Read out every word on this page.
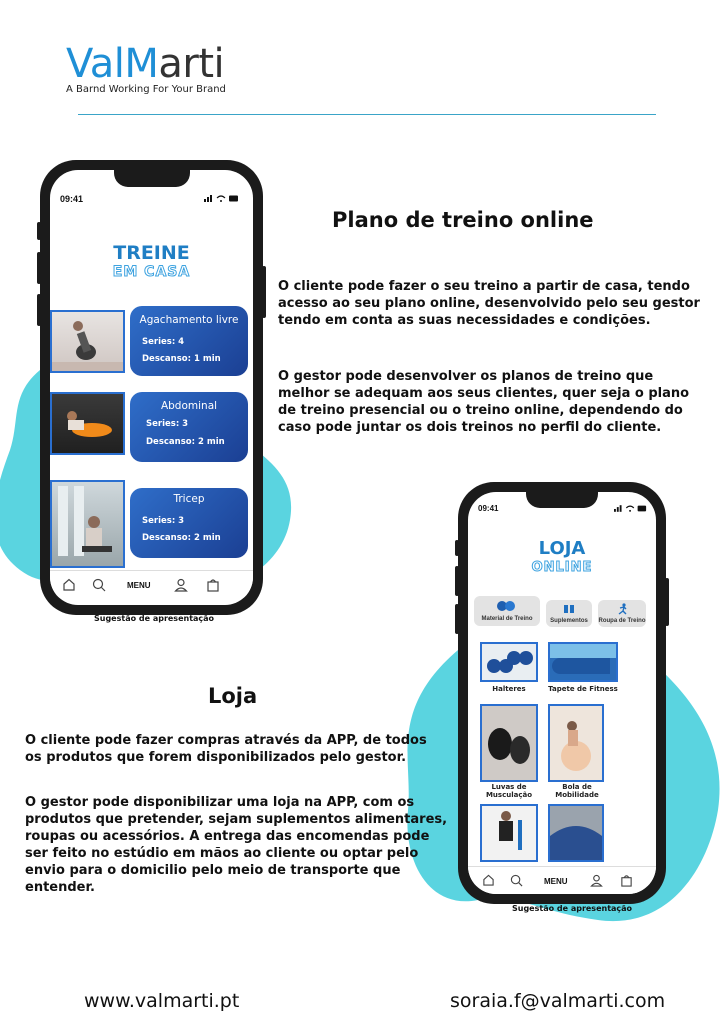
ValMarti
A Barnd Working For Your Brand
09:41
TREINE
EM CASA
Agachamento livre
Series: 4
Descanso: 1 min
Abdominal
Series: 3
Descanso: 2 min
Tricep
Series: 3
Descanso: 2 min
MENU
Sugestão de apresentação
Plano de treino online
O cliente pode fazer o seu treino a partir de casa, tendo acesso ao seu plano online, desenvolvido pelo seu gestor tendo em conta as suas necessidades e condições.
O gestor pode desenvolver os planos de treino que melhor se adequam aos seus clientes, quer seja o plano de treino presencial ou o treino online, dependendo do caso pode juntar os dois treinos no perfil do cliente.
Loja
O cliente pode fazer compras através da APP, de todos os produtos que forem disponibilizados pelo gestor.
O gestor pode disponibilizar uma loja na APP, com os produtos que pretender, sejam suplementos alimentares, roupas ou acessórios. A entrega das encomendas pode ser feito no estúdio em mãos ao cliente ou optar pelo envio para o domicilio pelo meio de transporte que entender.
09:41
LOJA
ONLINE
Material de Treino	Suplementos	Roupa de Treino
Halteres	Tapete de Fitness
Luvas de Musculação
Bola de Mobilidade
MENU
Sugestão de apresentação
www.valmarti.pt	soraia.f@valmarti.com
